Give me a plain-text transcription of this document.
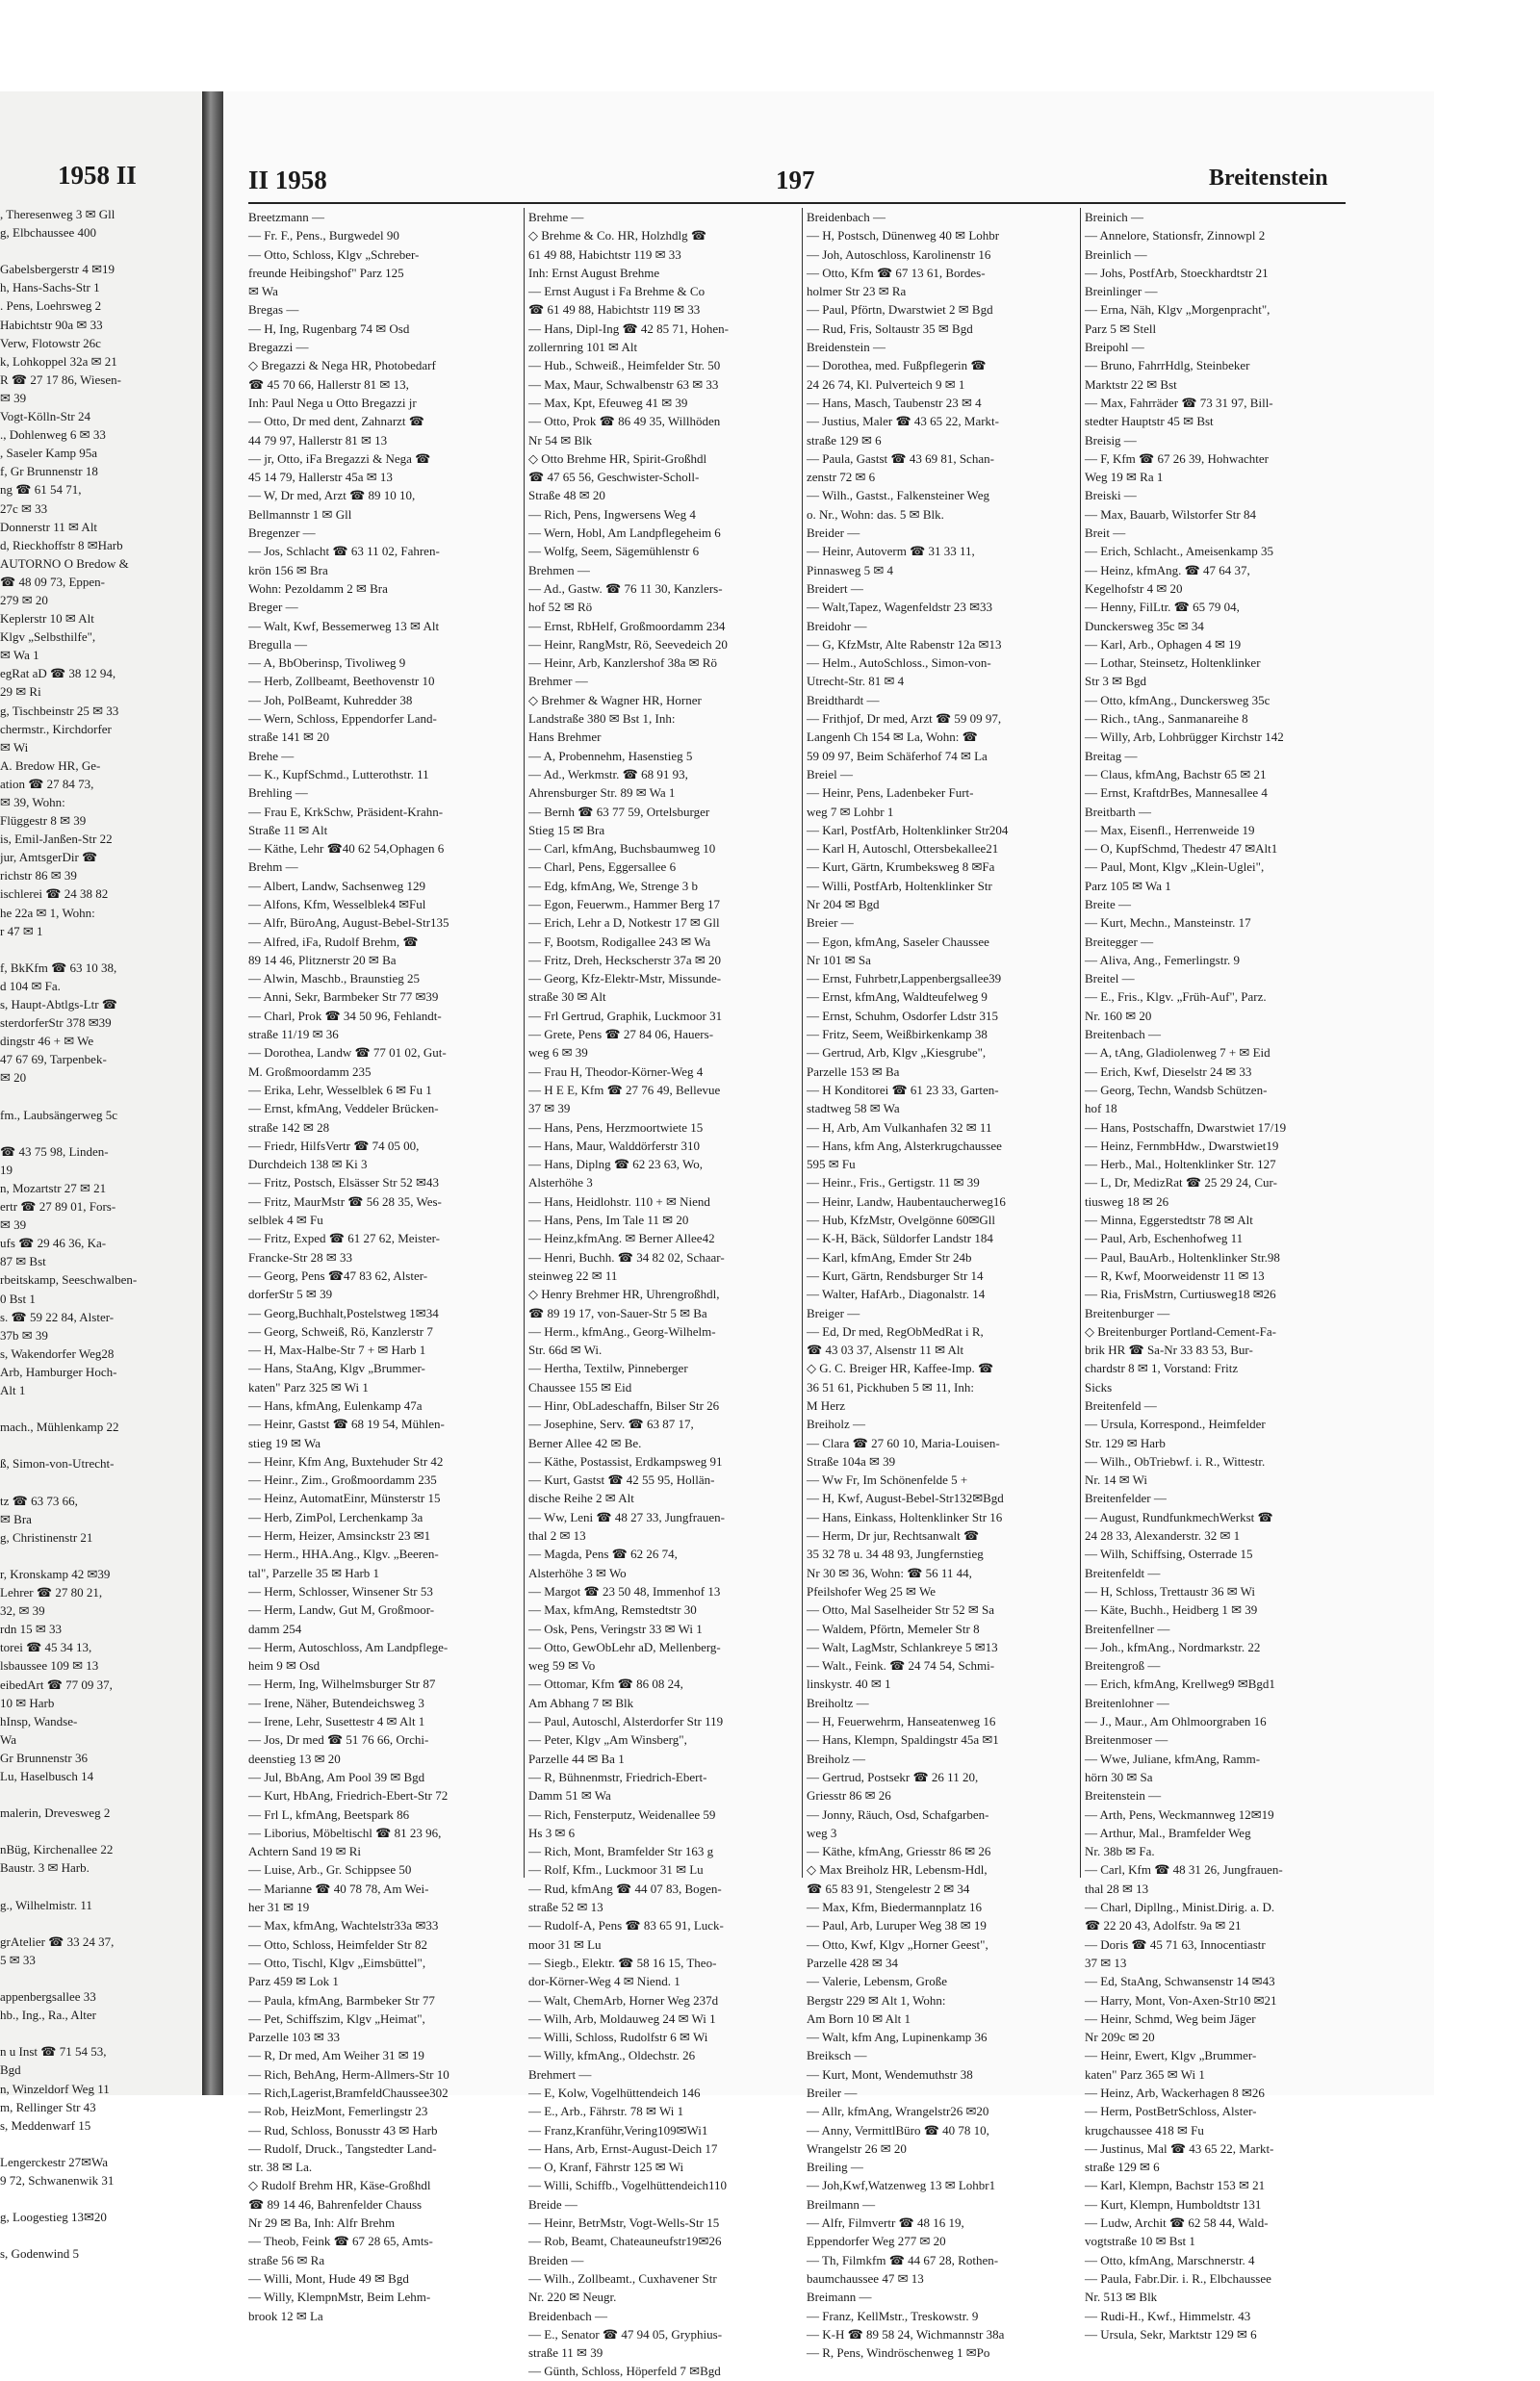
1958 II
, Theresenweg 3 ✉ Gll
g, Elbchaussee 400

Gabelsbergerstr 4 ✉19
h, Hans-Sachs-Str 1
. Pens, Loehrsweg 2
Habichtstr 90a ✉ 33
Verw, Flotowstr 26c
k, Lohkoppel 32a ✉ 21
R ☎ 27 17 86, Wiesen-
✉ 39
Vogt-Kölln-Str 24
., Dohlenweg 6 ✉ 33
, Saseler Kamp 95a
f, Gr Brunnenstr 18
ng ☎ 61 54 71,
27c ✉ 33
Donnerstr 11 ✉ Alt
d, Rieckhoffstr 8 ✉Harb
AUTORNO O Bredow &
☎ 48 09 73, Eppen-
279 ✉ 20
Keplerstr 10 ✉ Alt
Klgv „Selbsthilfe",
✉ Wa 1
egRat aD ☎ 38 12 94,
29 ✉ Ri
g, Tischbeinstr 25 ✉ 33
chermstr., Kirchdorfer
✉ Wi
A. Bredow HR, Ge-
ation ☎ 27 84 73,
✉ 39, Wohn:
Flüggestr 8 ✉ 39
is, Emil-Janßen-Str 22
jur, AmtsgerDir ☎
richstr 86 ✉ 39
ischlerei ☎ 24 38 82
he 22a ✉ 1, Wohn:
r 47 ✉ 1

f, BkKfm ☎ 63 10 38,
d 104 ✉ Fa.
s, Haupt-Abtlgs-Ltr ☎
sterdorferStr 378 ✉39
dingstr 46 + ✉ We
47 67 69, Tarpenbek-
✉ 20

fm., Laubsängerweg 5c

☎ 43 75 98, Linden-
19
n, Mozartstr 27 ✉ 21
ertr ☎ 27 89 01, Fors-
✉ 39
ufs ☎ 29 46 36, Ka-
87 ✉ Bst
rbeitskamp, Seeschwalben-
0 Bst 1
s. ☎ 59 22 84, Alster-
37b ✉ 39
s, Wakendorfer Weg28
Arb, Hamburger Hoch-
Alt 1

mach., Mühlenkamp 22

ß, Simon-von-Utrecht-

tz ☎ 63 73 66,
✉ Bra
g, Christinenstr 21

r, Kronskamp 42 ✉39
Lehrer ☎ 27 80 21,
32, ✉ 39
rdn 15 ✉ 33
torei ☎ 45 34 13,
lsbaussee 109 ✉ 13
eibedArt ☎ 77 09 37,
10 ✉ Harb
hInsp, Wandse-
Wa
Gr Brunnenstr 36
Lu, Haselbusch 14

malerin, Drevesweg 2

nBüg, Kirchenallee 22
Baustr. 3 ✉ Harb.

g., Wilhelmistr. 11

grAtelier ☎ 33 24 37,
5 ✉ 33

appenbergsallee 33
hb., Ing., Ra., Alter

n u Inst ☎ 71 54 53,
Bgd
n, Winzeldorf Weg 11
m, Rellinger Str 43
s, Meddenwarf 15

Lengerckestr 27✉Wa
9 72, Schwanenwik 31

g, Loogestieg 13✉20

s, Godenwind 5
II 1958	197	Breitenstein
Breetzmann —
— Fr. F., Pens., Burgwedel 90
— Otto, Schloss, Klgv „Schreber-
freunde Heibingshof" Parz 125
✉ Wa
Bregas —
— H, Ing, Rugenbarg 74 ✉ Osd
Bregazzi —
◇ Bregazzi & Nega HR, Photobedarf
☎ 45 70 66, Hallerstr 81 ✉ 13,
Inh: Paul Nega u Otto Bregazzi jr
— Otto, Dr med dent, Zahnarzt ☎
44 79 97, Hallerstr 81 ✉ 13
— jr, Otto, iFa Bregazzi & Nega ☎
45 14 79, Hallerstr 45a ✉ 13
— W, Dr med, Arzt ☎ 89 10 10,
Bellmannstr 1 ✉ Gll
Bregenzer —
— Jos, Schlacht ☎ 63 11 02, Fahren-
krön 156 ✉ Bra
Wohn: Pezoldamm 2 ✉ Bra
Breger —
— Walt, Kwf, Bessemerweg 13 ✉ Alt
Bregulla —
— A, BbOberinsp, Tivoliweg 9
— Herb, Zollbeamt, Beethovenstr 10
— Joh, PolBeamt, Kuhredder 38
— Wern, Schloss, Eppendorfer Land-
straße 141 ✉ 20
Brehe —
— K., KupfSchmd., Lutterothstr. 11
Brehling —
— Frau E, KrkSchw, Präsident-Krahn-
Straße 11 ✉ Alt
— Käthe, Lehr ☎40 62 54,Ophagen 6
Brehm —
— Albert, Landw, Sachsenweg 129
— Alfons, Kfm, Wesselblek4 ✉Ful
— Alfr, BüroAng, August-Bebel-Str135
— Alfred, iFa, Rudolf Brehm, ☎
89 14 46, Plitznerstr 20 ✉ Ba
— Alwin, Maschb., Braunstieg 25
— Anni, Sekr, Barmbeker Str 77 ✉39
— Charl, Prok ☎ 34 50 96, Fehlandt-
straße 11/19 ✉ 36
— Dorothea, Landw ☎ 77 01 02, Gut-
M. Großmoordamm 235
— Erika, Lehr, Wesselblek 6 ✉ Fu 1
— Ernst, kfmAng, Veddeler Brücken-
straße 142 ✉ 28
— Friedr, HilfsVertr ☎ 74 05 00,
Durchdeich 138 ✉ Ki 3
— Fritz, Postsch, Elsässer Str 52 ✉43
— Fritz, MaurMstr ☎ 56 28 35, Wes-
selblek 4 ✉ Fu
— Fritz, Exped ☎ 61 27 62, Meister-
Francke-Str 28 ✉ 33
— Georg, Pens ☎47 83 62, Alster-
dorferStr 5 ✉ 39
— Georg,Buchhalt,Postelstweg 1✉34
— Georg, Schweiß, Rö, Kanzlerstr 7
— H, Max-Halbe-Str 7 + ✉ Harb 1
— Hans, StaAng, Klgv „Brummer-
katen" Parz 325 ✉ Wi 1
— Hans, kfmAng, Eulenkamp 47a
— Heinr, Gastst ☎ 68 19 54, Mühlen-
stieg 19 ✉ Wa
— Heinr, Kfm Ang, Buxtehuder Str 42
— Heinr., Zim., Großmoordamm 235
— Heinz, AutomatEinr, Münsterstr 15
— Herb, ZimPol, Lerchenkamp 3a
— Herm, Heizer, Amsinckstr 23 ✉1
— Herm., HHA.Ang., Klgv. „Beeren-
tal", Parzelle 35 ✉ Harb 1
— Herm, Schlosser, Winsener Str 53
— Herm, Landw, Gut M, Großmoor-
damm 254
— Herm, Autoschloss, Am Landpflege-
heim 9 ✉ Osd
— Herm, Ing, Wilhelmsburger Str 87
— Irene, Näher, Butendeichsweg 3
— Irene, Lehr, Susettestr 4 ✉ Alt 1
— Jos, Dr med ☎ 51 76 66, Orchi-
deenstieg 13 ✉ 20
— Jul, BbAng, Am Pool 39 ✉ Bgd
— Kurt, HbAng, Friedrich-Ebert-Str 72
— Frl L, kfmAng, Beetspark 86
— Liborius, Möbeltischl ☎ 81 23 96,
Achtern Sand 19 ✉ Ri
— Luise, Arb., Gr. Schippsee 50
— Marianne ☎ 40 78 78, Am Wei-
her 31 ✉ 19
— Max, kfmAng, Wachtelstr33a ✉33
— Otto, Schloss, Heimfelder Str 82
— Otto, Tischl, Klgv „Eimsbüttel",
Parz 459 ✉ Lok 1
— Paula, kfmAng, Barmbeker Str 77
— Pet, Schiffszim, Klgv „Heimat",
Parzelle 103 ✉ 33
— R, Dr med, Am Weiher 31 ✉ 19
— Rich, BehAng, Herm-Allmers-Str 10
— Rich,Lagerist,BramfeldChaussee302
— Rob, HeizMont, Femerlingstr 23
— Rud, Schloss, Bonusstr 43 ✉ Harb
— Rudolf, Druck., Tangstedter Land-
str. 38 ✉ La.
◇ Rudolf Brehm HR, Käse-Großhdl
☎ 89 14 46, Bahrenfelder Chauss
Nr 29 ✉ Ba, Inh: Alfr Brehm
— Theob, Feink ☎ 67 28 65, Amts-
straße 56 ✉ Ra
— Willi, Mont, Hude 49 ✉ Bgd
— Willy, KlempnMstr, Beim Lehm-
brook 12 ✉ La
Brehme —
◇ Brehme & Co. HR, Holzhdlg ☎
61 49 88, Habichtstr 119 ✉ 33
Inh: Ernst August Brehme
— Ernst August i Fa Brehme & Co
☎ 61 49 88, Habichtstr 119 ✉ 33
— Hans, Dipl-Ing ☎ 42 85 71, Hohen-
zollernring 101 ✉ Alt
— Hub., Schweiß., Heimfelder Str. 50
— Max, Maur, Schwalbenstr 63 ✉ 33
— Max, Kpt, Efeuweg 41 ✉ 39
— Otto, Prok ☎ 86 49 35, Willhöden
Nr 54 ✉ Blk
◇ Otto Brehme HR, Spirit-Großhdl
☎ 47 65 56, Geschwister-Scholl-
Straße 48 ✉ 20
— Rich, Pens, Ingwersens Weg 4
— Wern, Hobl, Am Landpflegeheim 6
— Wolfg, Seem, Sägemühlenstr 6
Brehmen —
— Ad., Gastw. ☎ 76 11 30, Kanzlers-
hof 52 ✉ Rö
— Ernst, RbHelf, Großmoordamm 234
— Heinr, RangMstr, Rö, Seevedeich 20
— Heinr, Arb, Kanzlershof 38a ✉ Rö
Brehmer —
◇ Brehmer & Wagner HR, Horner
Landstraße 380 ✉ Bst 1, Inh:
Hans Brehmer
— A, Probennehm, Hasenstieg 5
— Ad., Werkmstr. ☎ 68 91 93,
Ahrensburger Str. 89 ✉ Wa 1
— Bernh ☎ 63 77 59, Ortelsburger
Stieg 15 ✉ Bra
— Carl, kfmAng, Buchsbaumweg 10
— Charl, Pens, Eggersallee 6
— Edg, kfmAng, We, Strenge 3 b
— Egon, Feuerwm., Hammer Berg 17
— Erich, Lehr a D, Notkestr 17 ✉ Gll
— F, Bootsm, Rodigallee 243 ✉ Wa
— Fritz, Dreh, Heckscherstr 37a ✉ 20
— Georg, Kfz-Elektr-Mstr, Missunde-
straße 30 ✉ Alt
— Frl Gertrud, Graphik, Luckmoor 31
— Grete, Pens ☎ 27 84 06, Hauers-
weg 6 ✉ 39
— Frau H, Theodor-Körner-Weg 4
— H E E, Kfm ☎ 27 76 49, Bellevue
37 ✉ 39
— Hans, Pens, Herzmoortwiete 15
— Hans, Maur, Walddörferstr 310
— Hans, Diplng ☎ 62 23 63, Wo,
Alsterhöhe 3
— Hans, Heidlohstr. 110 + ✉ Niend
— Hans, Pens, Im Tale 11 ✉ 20
— Heinz,kfmAng. ✉ Berner Allee42
— Henri, Buchh. ☎ 34 82 02, Schaar-
steinweg 22 ✉ 11
◇ Henry Brehmer HR, Uhrengroßhdl,
☎ 89 19 17, von-Sauer-Str 5 ✉ Ba
— Herm., kfmAng., Georg-Wilhelm-
Str. 66d ✉ Wi.
— Hertha, Textilw, Pinneberger
Chaussee 155 ✉ Eid
— Hinr, ObLadeschaffn, Bilser Str 26
— Josephine, Serv. ☎ 63 87 17,
Berner Allee 42 ✉ Be.
— Käthe, Postassist, Erdkampsweg 91
— Kurt, Gastst ☎ 42 55 95, Hollän-
dische Reihe 2 ✉ Alt
— Ww, Leni ☎ 48 27 33, Jungfrauen-
thal 2 ✉ 13
— Magda, Pens ☎ 62 26 74,
Alsterhöhe 3 ✉ Wo
— Margot ☎ 23 50 48, Immenhof 13
— Max, kfmAng, Remstedtstr 30
— Osk, Pens, Veringstr 33 ✉ Wi 1
— Otto, GewObLehr aD, Mellenberg-
weg 59 ✉ Vo
— Ottomar, Kfm ☎ 86 08 24,
Am Abhang 7 ✉ Blk
— Paul, Autoschl, Alsterdorfer Str 119
— Peter, Klgv „Am Winsberg",
Parzelle 44 ✉ Ba 1
— R, Bühnenmstr, Friedrich-Ebert-
Damm 51 ✉ Wa
— Rich, Fensterputz, Weidenallee 59
Hs 3 ✉ 6
— Rich, Mont, Bramfelder Str 163 g
— Rolf, Kfm., Luckmoor 31 ✉ Lu
— Rud, kfmAng ☎ 44 07 83, Bogen-
straße 52 ✉ 13
— Rudolf-A, Pens ☎ 83 65 91, Luck-
moor 31 ✉ Lu
— Siegb., Elektr. ☎ 58 16 15, Theo-
dor-Körner-Weg 4 ✉ Niend. 1
— Walt, ChemArb, Horner Weg 237d
— Wilh, Arb, Moldauweg 24 ✉ Wi 1
— Willi, Schloss, Rudolfstr 6 ✉ Wi
— Willy, kfmAng., Oldechstr. 26
Brehmert —
— E, Kolw, Vogelhüttendeich 146
— E., Arb., Fährstr. 78 ✉ Wi 1
— Franz,Kranführ,Vering109✉Wi1
— Hans, Arb, Ernst-August-Deich 17
— O, Kranf, Fährstr 125 ✉ Wi
— Willi, Schiffb., Vogelhüttendeich110
Breide —
— Heinr, BetrMstr, Vogt-Wells-Str 15
— Rob, Beamt, Chateauneufstr19✉26
Breiden —
— Wilh., Zollbeamt., Cuxhavener Str
Nr. 220 ✉ Neugr.
Breidenbach —
— E., Senator ☎ 47 94 05, Gryphius-
straße 11 ✉ 39
— Günth, Schloss, Höperfeld 7 ✉Bgd
Breidenbach —
— H, Postsch, Dünenweg 40 ✉ Lohbr
— Joh, Autoschloss, Karolinenstr 16
— Otto, Kfm ☎ 67 13 61, Bordes-
holmer Str 23 ✉ Ra
— Paul, Pförtn, Dwarstwiet 2 ✉ Bgd
— Rud, Fris, Soltaustr 35 ✉ Bgd
Breidenstein —
— Dorothea, med. Fußpflegerin ☎
24 26 74, Kl. Pulverteich 9 ✉ 1
— Hans, Masch, Taubenstr 23 ✉ 4
— Justius, Maler ☎ 43 65 22, Markt-
straße 129 ✉ 6
— Paula, Gastst ☎ 43 69 81, Schan-
zenstr 72 ✉ 6
— Wilh., Gastst., Falkensteiner Weg
o. Nr., Wohn: das. 5 ✉ Blk.
Breider —
— Heinr, Autoverm ☎ 31 33 11,
Pinnasweg 5 ✉ 4
Breidert —
— Walt,Tapez, Wagenfeldstr 23 ✉33
Breidohr —
— G, KfzMstr, Alte Rabenstr 12a ✉13
— Helm., AutoSchloss., Simon-von-
Utrecht-Str. 81 ✉ 4
Breidthardt —
— Frithjof, Dr med, Arzt ☎ 59 09 97,
Langenh Ch 154 ✉ La, Wohn: ☎
59 09 97, Beim Schäferhof 74 ✉ La
Breiel —
— Heinr, Pens, Ladenbeker Furt-
weg 7 ✉ Lohbr 1
— Karl, PostfArb, Holtenklinker Str204
— Karl H, Autoschl, Ottersbekallee21
— Kurt, Gärtn, Krumbeksweg 8 ✉Fa
— Willi, PostfArb, Holtenklinker Str
Nr 204 ✉ Bgd
Breier —
— Egon, kfmAng, Saseler Chaussee
Nr 101 ✉ Sa
— Ernst, Fuhrbetr,Lappenbergsallee39
— Ernst, kfmAng, Waldteufelweg 9
— Ernst, Schuhm, Osdorfer Ldstr 315
— Fritz, Seem, Weißbirkenkamp 38
— Gertrud, Arb, Klgv „Kiesgrube",
Parzelle 153 ✉ Ba
— H Konditorei ☎ 61 23 33, Garten-
stadtweg 58 ✉ Wa
— H, Arb, Am Vulkanhafen 32 ✉ 11
— Hans, kfm Ang, Alsterkrugchaussee
595 ✉ Fu
— Heinr., Fris., Gertigstr. 11 ✉ 39
— Heinr, Landw, Haubentaucherweg16
— Hub, KfzMstr, Ovelgönne 60✉Gll
— K-H, Bäck, Süldorfer Landstr 184
— Karl, kfmAng, Emder Str 24b
— Kurt, Gärtn, Rendsburger Str 14
— Walter, HafArb., Diagonalstr. 14
Breiger —
— Ed, Dr med, RegObMedRat i R,
☎ 43 03 37, Alsenstr 11 ✉ Alt
◇ G. C. Breiger HR, Kaffee-Imp. ☎
36 51 61, Pickhuben 5 ✉ 11, Inh:
M Herz
Breiholz —
— Clara ☎ 27 60 10, Maria-Louisen-
Straße 104a ✉ 39
— Ww Fr, Im Schönenfelde 5 +
— H, Kwf, August-Bebel-Str132✉Bgd
— Hans, Einkass, Holtenklinker Str 16
— Herm, Dr jur, Rechtsanwalt ☎
35 32 78 u. 34 48 93, Jungfernstieg
Nr 30 ✉ 36, Wohn: ☎ 56 11 44,
Pfeilshofer Weg 25 ✉ We
— Otto, Mal Saselheider Str 52 ✉ Sa
— Waldem, Pförtn, Memeler Str 8
— Walt, LagMstr, Schlankreye 5 ✉13
— Walt., Feink. ☎ 24 74 54, Schmi-
linskystr. 40 ✉ 1
Breiholtz —
— H, Feuerwehrm, Hanseatenweg 16
— Hans, Klempn, Spaldingstr 45a ✉1
Breiholz —
— Gertrud, Postsekr ☎ 26 11 20,
Griesstr 86 ✉ 26
— Jonny, Räuch, Osd, Schafgarben-
weg 3
— Käthe, kfmAng, Griesstr 86 ✉ 26
◇ Max Breiholz HR, Lebensm-Hdl,
☎ 65 83 91, Stengelestr 2 ✉ 34
— Max, Kfm, Biedermannplatz 16
— Paul, Arb, Luruper Weg 38 ✉ 19
— Otto, Kwf, Klgv „Horner Geest",
Parzelle 428 ✉ 34
— Valerie, Lebensm, Große
Bergstr 229 ✉ Alt 1, Wohn:
Am Born 10 ✉ Alt 1
— Walt, kfm Ang, Lupinenkamp 36
Breiksch —
— Kurt, Mont, Wendemuthstr 38
Breiler —
— Allr, kfmAng, Wrangelstr26 ✉20
— Anny, VermittlBüro ☎ 40 78 10,
Wrangelstr 26 ✉ 20
Breiling —
— Joh,Kwf,Watzenweg 13 ✉ Lohbr1
Breilmann —
— Alfr, Filmvertr ☎ 48 16 19,
Eppendorfer Weg 277 ✉ 20
— Th, Filmkfm ☎ 44 67 28, Rothen-
baumchaussee 47 ✉ 13
Breimann —
— Franz, KellMstr., Treskowstr. 9
— K-H ☎ 89 58 24, Wichmannstr 38a
— R, Pens, Windröschenweg 1 ✉Po
Breinich —
— Annelore, Stationsfr, Zinnowpl 2
Breinlich —
— Johs, PostfArb, Stoeckhardtstr 21
Breinlinger —
— Erna, Näh, Klgv „Morgenpracht",
Parz 5 ✉ Stell
Breipohl —
— Bruno, FahrrHdlg, Steinbeker
Marktstr 22 ✉ Bst
— Max, Fahrräder ☎ 73 31 97, Bill-
stedter Hauptstr 45 ✉ Bst
Breisig —
— F, Kfm ☎ 67 26 39, Hohwachter
Weg 19 ✉ Ra 1
Breiski —
— Max, Bauarb, Wilstorfer Str 84
Breit —
— Erich, Schlacht., Ameisenkamp 35
— Heinz, kfmAng. ☎ 47 64 37,
Kegelhofstr 4 ✉ 20
— Henny, FilLtr. ☎ 65 79 04,
Dunckersweg 35c ✉ 34
— Karl, Arb., Ophagen 4 ✉ 19
— Lothar, Steinsetz, Holtenklinker
Str 3 ✉ Bgd
— Otto, kfmAng., Dunckersweg 35c
— Rich., tAng., Sanmanareihe 8
— Willy, Arb, Lohbrügger Kirchstr 142
Breitag —
— Claus, kfmAng, Bachstr 65 ✉ 21
— Ernst, KraftdrBes, Mannesallee 4
Breitbarth —
— Max, Eisenfl., Herrenweide 19
— O, KupfSchmd, Thedestr 47 ✉Alt1
— Paul, Mont, Klgv „Klein-Uglei",
Parz 105 ✉ Wa 1
Breite —
— Kurt, Mechn., Mansteinstr. 17
Breitegger —
— Aliva, Ang., Femerlingstr. 9
Breitel —
— E., Fris., Klgv. „Früh-Auf", Parz.
Nr. 160 ✉ 20
Breitenbach —
— A, tAng, Gladiolenweg 7 + ✉ Eid
— Erich, Kwf, Dieselstr 24 ✉ 33
— Georg, Techn, Wandsb Schützen-
hof 18
— Hans, Postschaffn, Dwarstwiet 17/19
— Heinz, FernmbHdw., Dwarstwiet19
— Herb., Mal., Holtenklinker Str. 127
— L, Dr, MedizRat ☎ 25 29 24, Cur-
tiusweg 18 ✉ 26
— Minna, Eggerstedtstr 78 ✉ Alt
— Paul, Arb, Eschenhofweg 11
— Paul, BauArb., Holtenklinker Str.98
— R, Kwf, Moorweidenstr 11 ✉ 13
— Ria, FrisMstrn, Curtiusweg18 ✉26
Breitenburger —
◇ Breitenburger Portland-Cement-Fa-
brik HR ☎ Sa-Nr 33 83 53, Bur-
chardstr 8 ✉ 1, Vorstand: Fritz
Sicks
Breitenfeld —
— Ursula, Korrespond., Heimfelder
Str. 129 ✉ Harb
— Wilh., ObTriebwf. i. R., Wittestr.
Nr. 14 ✉ Wi
Breitenfelder —
— August, RundfunkmechWerkst ☎
24 28 33, Alexanderstr. 32 ✉ 1
— Wilh, Schiffsing, Osterrade 15
Breitenfeldt —
— H, Schloss, Trettaustr 36 ✉ Wi
— Käte, Buchh., Heidberg 1 ✉ 39
Breitenfellner —
— Joh., kfmAng., Nordmarkstr. 22
Breitengroß —
— Erich, kfmAng, Krellweg9 ✉Bgd1
Breitenlohner —
— J., Maur., Am Ohlmoorgraben 16
Breitenmoser —
— Wwe, Juliane, kfmAng, Ramm-
hörn 30 ✉ Sa
Breitenstein —
— Arth, Pens, Weckmannweg 12✉19
— Arthur, Mal., Bramfelder Weg
Nr. 38b ✉ Fa.
— Carl, Kfm ☎ 48 31 26, Jungfrauen-
thal 28 ✉ 13
— Charl, Dipllng., Minist.Dirig. a. D.
☎ 22 20 43, Adolfstr. 9a ✉ 21
— Doris ☎ 45 71 63, Innocentiastr
37 ✉ 13
— Ed, StaAng, Schwansenstr 14 ✉43
— Harry, Mont, Von-Axen-Str10 ✉21
— Heinr, Schmd, Weg beim Jäger
Nr 209c ✉ 20
— Heinr, Ewert, Klgv „Brummer-
katen" Parz 365 ✉ Wi 1
— Heinz, Arb, Wackerhagen 8 ✉26
— Herm, PostBetrSchloss, Alster-
krugchaussee 418 ✉ Fu
— Justinus, Mal ☎ 43 65 22, Markt-
straße 129 ✉ 6
— Karl, Klempn, Bachstr 153 ✉ 21
— Kurt, Klempn, Humboldtstr 131
— Ludw, Archit ☎ 62 58 44, Wald-
vogtstraße 10 ✉ Bst 1
— Otto, kfmAng, Marschnerstr. 4
— Paula, Fabr.Dir. i. R., Elbchaussee
Nr. 513 ✉ Blk
— Rudi-H., Kwf., Himmelstr. 43
— Ursula, Sekr, Marktstr 129 ✉ 6
